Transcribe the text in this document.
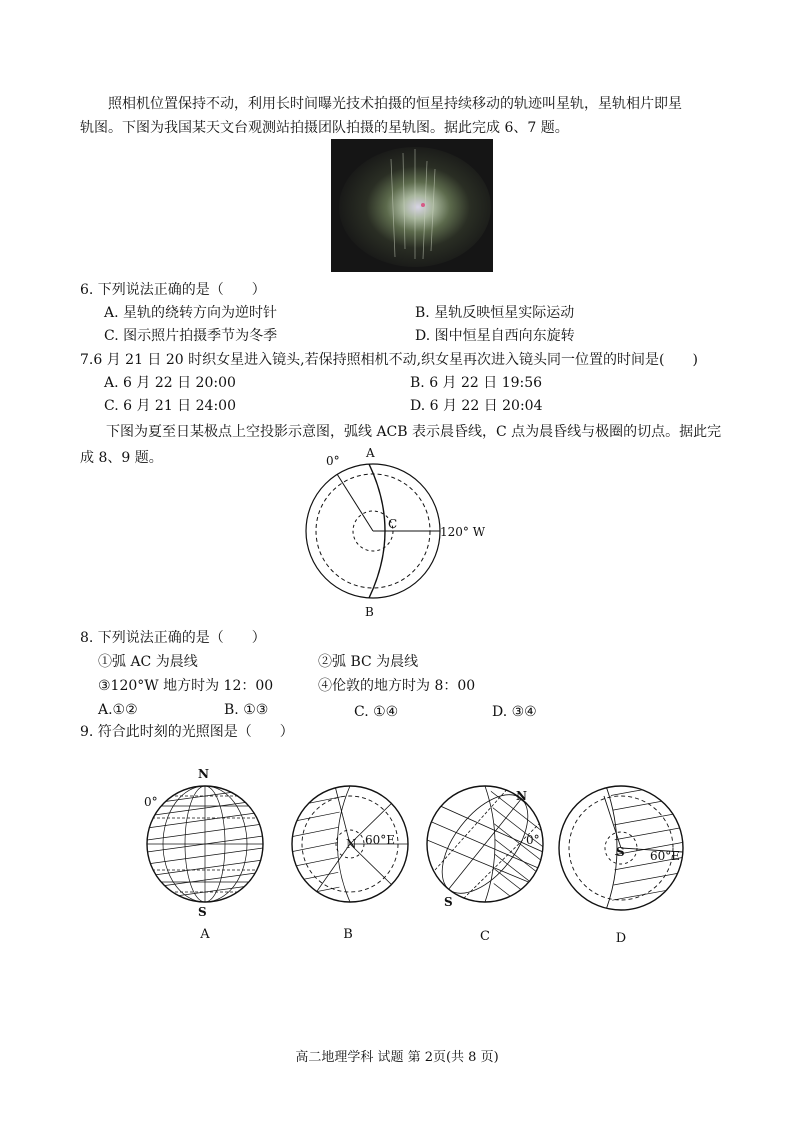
照相机位置保持不动，利用长时间曝光技术拍摄的恒星持续移动的轨迹叫星轨，星轨相片即星
轨图。下图为我国某天文台观测站拍摄团队拍摄的星轨图。据此完成 6、7 题。
6. 下列说法正确的是（　　）
A. 星轨的绕转方向为逆时针	B. 星轨反映恒星实际运动
C. 图示照片拍摄季节为冬季	D. 图中恒星自西向东旋转
7.6 月 21 日 20 时织女星进入镜头,若保持照相机不动,织女星再次进入镜头同一位置的时间是(　　)
A. 6 月 22 日 20:00	B. 6 月 22 日 19:56
C. 6 月 21 日 24:00	D. 6 月 22 日 20:04
下图为夏至日某极点上空投影示意图，弧线 ACB 表示晨昏线，C 点为晨昏线与极圈的切点。据此完成 8、9 题。	0°
A
C
120° W
B
8. 下列说法正确的是（　　）
①弧 AC 为晨线	②弧 BC 为晨线
③120°W 地方时为 12：00	④伦敦的地方时为 8：00
A.①②	B. ①③	C. ①④	D. ③④
9. 符合此时刻的光照图是（　　）
N
S
0°
A
N 60°E
B
N
S
0°
C
S 60°E
D
高二地理学科 试题 第 2页(共 8 页)
